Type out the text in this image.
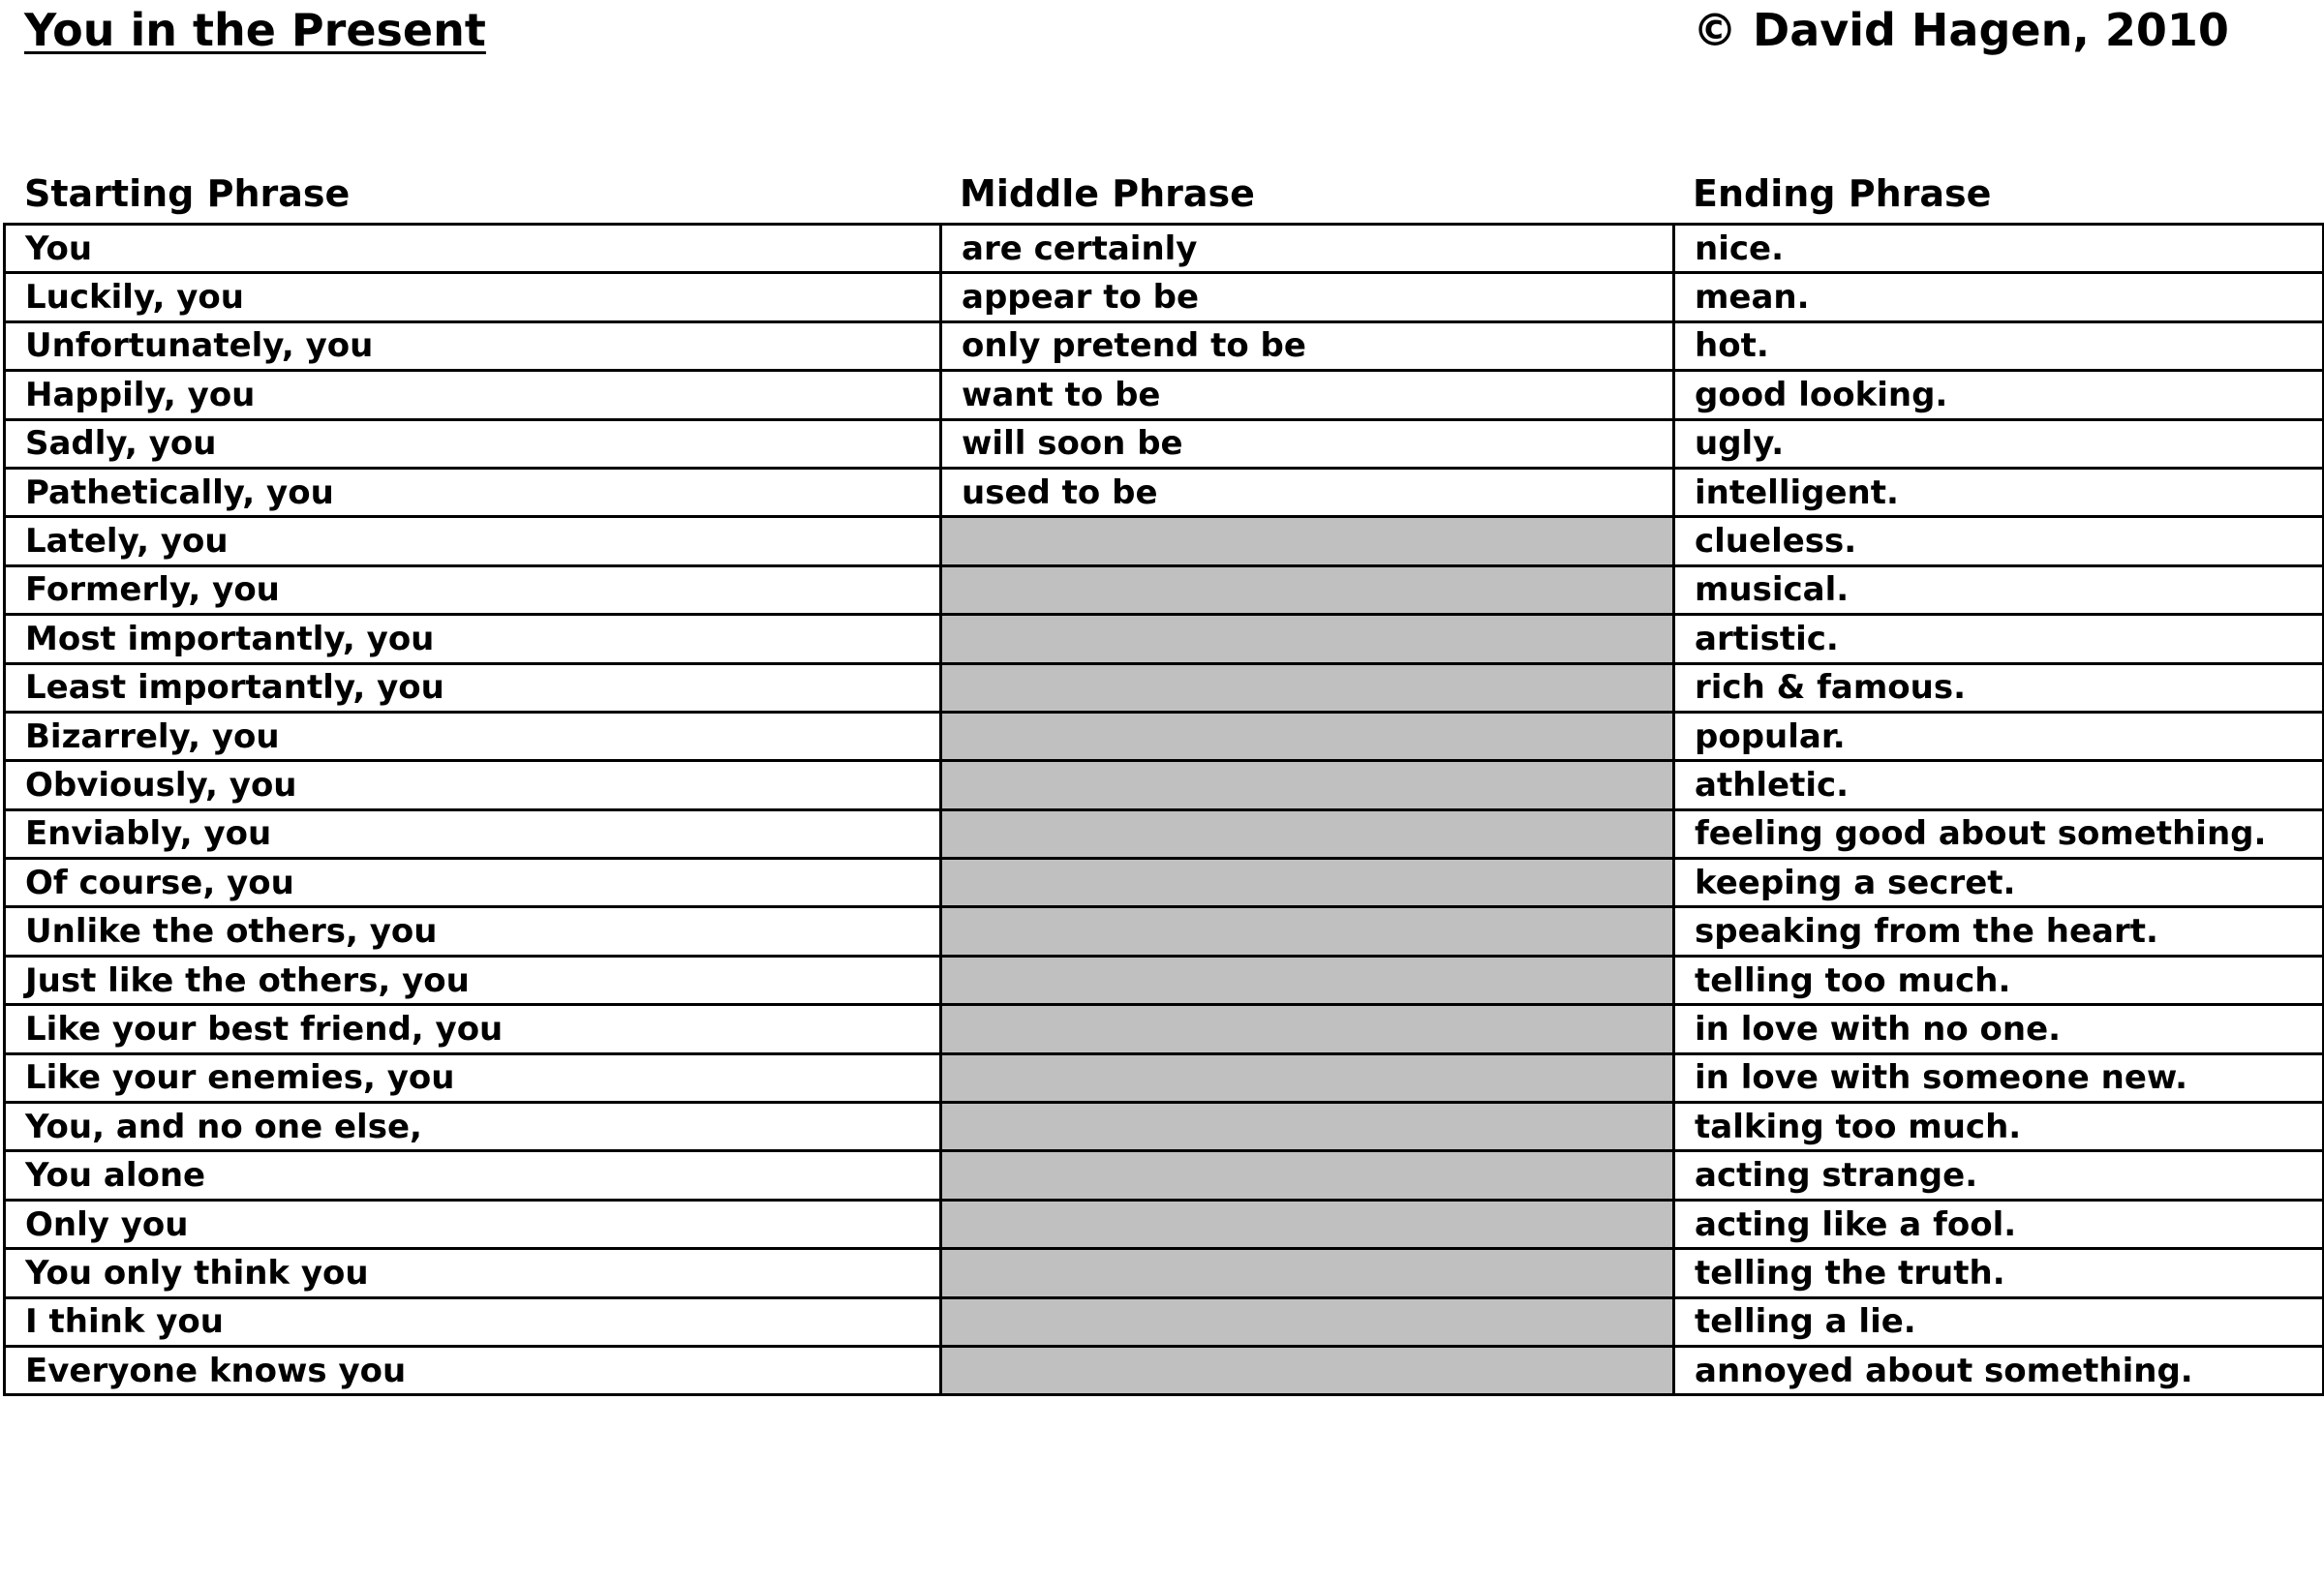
You in the Present	© David Hagen, 2010
Starting Phrase	Middle Phrase	Ending Phrase
You	are certainly	nice.
Luckily, you	appear to be	mean.
Unfortunately, you	only pretend to be	hot.
Happily, you	want to be	good looking.
Sadly, you	will soon be	ugly.
Pathetically, you	used to be	intelligent.
Lately, you		clueless.
Formerly, you		musical.
Most importantly, you		artistic.
Least importantly, you		rich & famous.
Bizarrely, you		popular.
Obviously, you		athletic.
Enviably, you		feeling good about something.
Of course, you		keeping a secret.
Unlike the others, you		speaking from the heart.
Just like the others, you		telling too much.
Like your best friend, you		in love with no one.
Like your enemies, you		in love with someone new.
You, and no one else,		talking too much.
You alone		acting strange.
Only you		acting like a fool.
You only think you		telling the truth.
I think you		telling a lie.
Everyone knows you		annoyed about something.
